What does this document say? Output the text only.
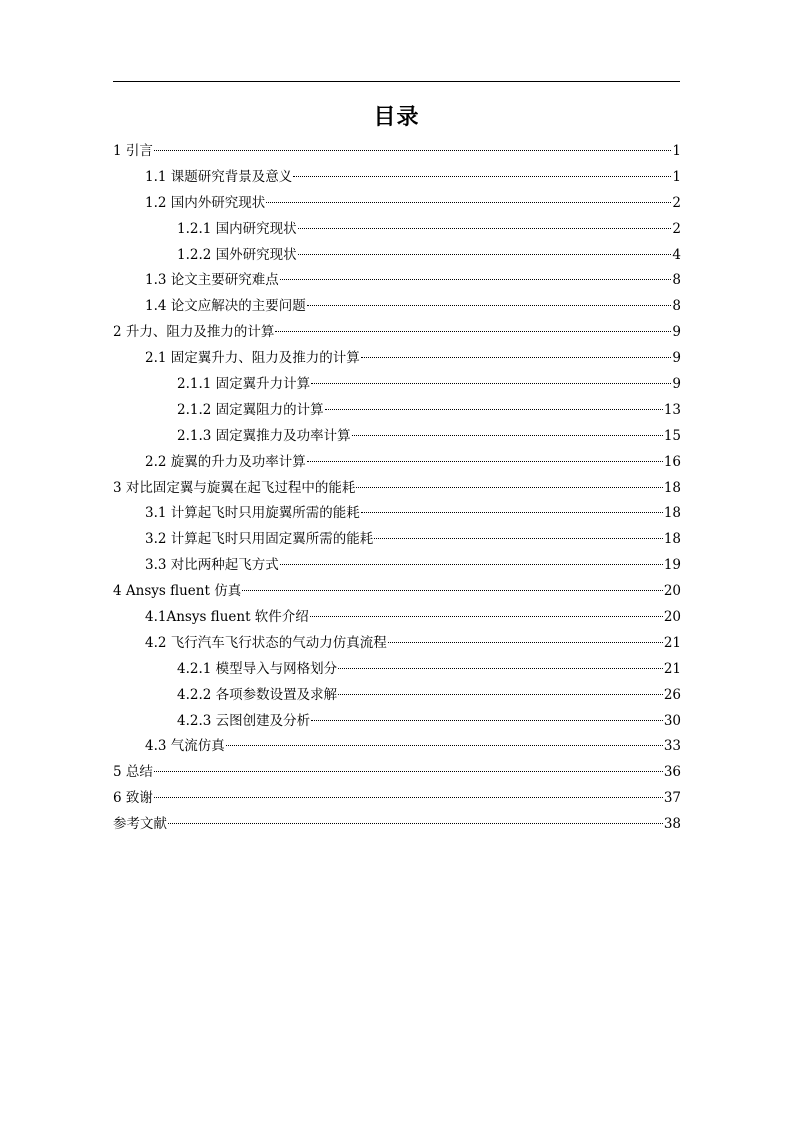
目录
1 引言	1
1.1 课题研究背景及意义	1
1.2 国内外研究现状	2
1.2.1 国内研究现状	2
1.2.2 国外研究现状	4
1.3 论文主要研究难点	8
1.4 论文应解决的主要问题	8
2 升力、阻力及推力的计算	9
2.1 固定翼升力、阻力及推力的计算	9
2.1.1 固定翼升力计算	9
2.1.2 固定翼阻力的计算	13
2.1.3 固定翼推力及功率计算	15
2.2 旋翼的升力及功率计算	16
3 对比固定翼与旋翼在起飞过程中的能耗	18
3.1 计算起飞时只用旋翼所需的能耗	18
3.2 计算起飞时只用固定翼所需的能耗	18
3.3 对比两种起飞方式	19
4 Ansys fluent 仿真	20
4.1Ansys fluent 软件介绍	20
4.2 飞行汽车飞行状态的气动力仿真流程	21
4.2.1 模型导入与网格划分	21
4.2.2 各项参数设置及求解	26
4.2.3 云图创建及分析	30
4.3 气流仿真	33
5 总结	36
6 致谢	37
参考文献	38
